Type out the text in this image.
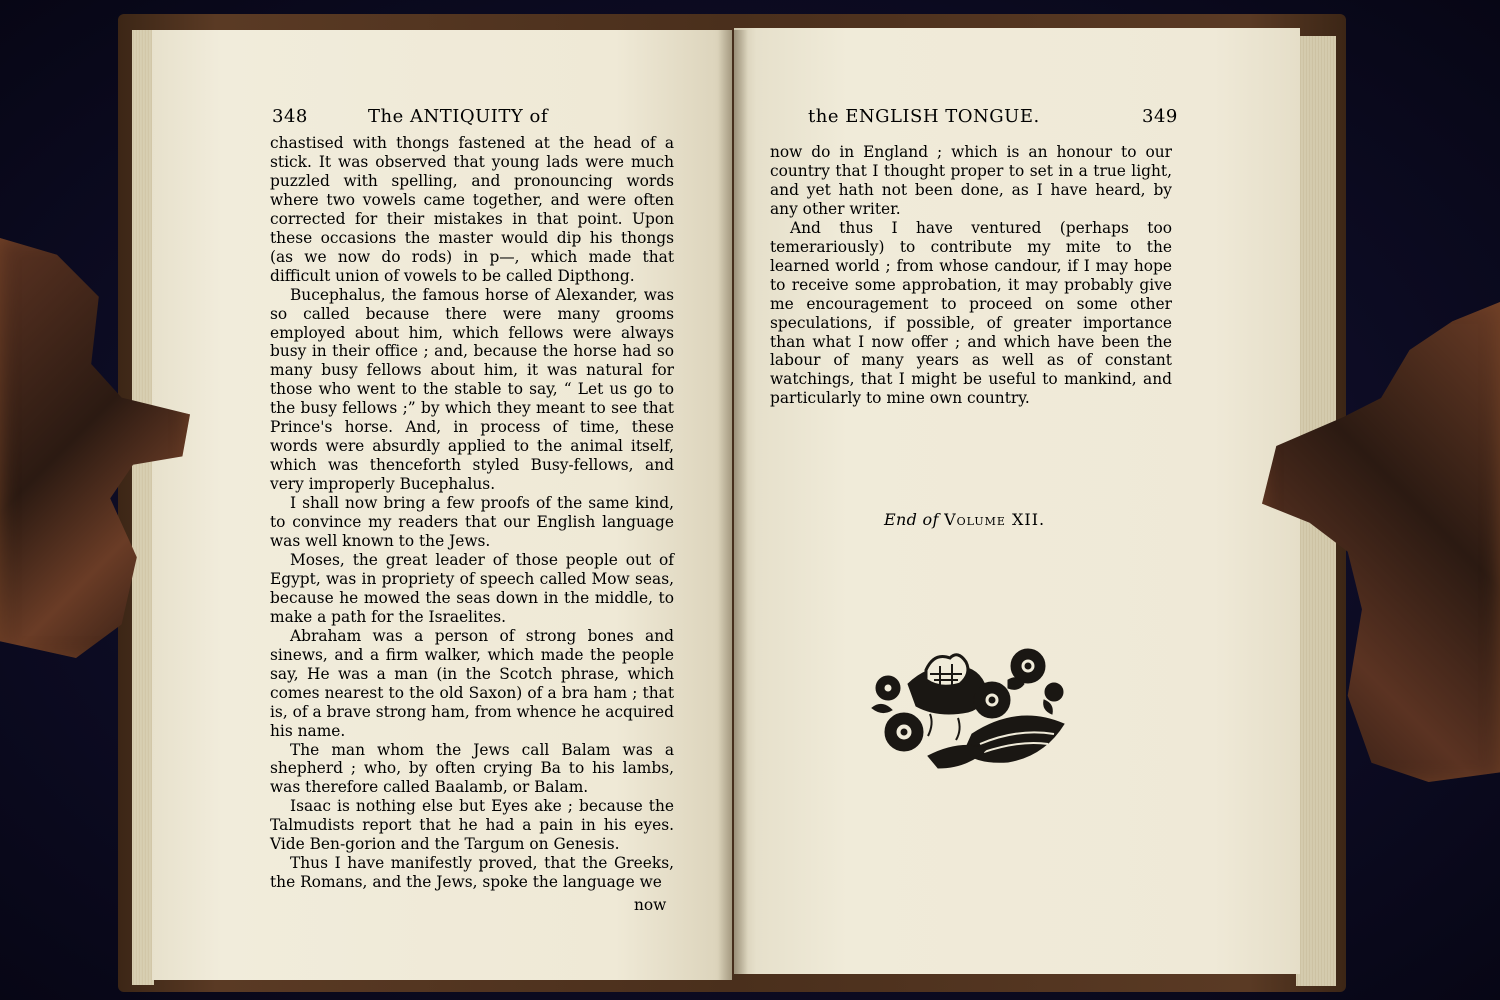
348	The ANTIQUITY of

chastised with thongs fastened at the head of a stick. It was observed that young lads were much puzzled with spelling, and pronouncing words where two vowels came together, and were often corrected for their mistakes in that point. Upon these occasions the master would dip his thongs (as we now do rods) in p—, which made that difficult union of vowels to be called Dipthong.

Bucephalus, the famous horse of Alexander, was so called because there were many grooms employed about him, which fellows were always busy in their office ; and, because the horse had so many busy fellows about him, it was natural for those who went to the stable to say, “ Let us go to the busy fellows ;” by which they meant to see that Prince's horse. And, in process of time, these words were absurdly applied to the animal itself, which was thenceforth styled Busy-fellows, and very improperly Bucephalus.

I shall now bring a few proofs of the same kind, to convince my readers that our English language was well known to the Jews.

Moses, the great leader of those people out of Egypt, was in propriety of speech called Mow seas, because he mowed the seas down in the middle, to make a path for the Israelites.

Abraham was a person of strong bones and sinews, and a firm walker, which made the people say, He was a man (in the Scotch phrase, which comes nearest to the old Saxon) of a bra ham ; that is, of a brave strong ham, from whence he acquired his name.

The man whom the Jews call Balam was a shepherd ; who, by often crying Ba to his lambs, was therefore called Baalamb, or Balam.

Isaac is nothing else but Eyes ake ; because the Talmudists report that he had a pain in his eyes. Vide Ben-gorion and the Targum on Genesis.

Thus I have manifestly proved, that the Greeks, the Romans, and the Jews, spoke the language we

now
the ENGLISH TONGUE.	349

now do in England ; which is an honour to our country that I thought proper to set in a true light, and yet hath not been done, as I have heard, by any other writer.

And thus I have ventured (perhaps too temerariously) to contribute my mite to the learned world ; from whose candour, if I may hope to receive some approbation, it may probably give me encouragement to proceed on some other speculations, if possible, of greater importance than what I now offer ; and which have been the labour of many years as well as of constant watchings, that I might be useful to mankind, and particularly to mine own country.

End of Volume XII.
